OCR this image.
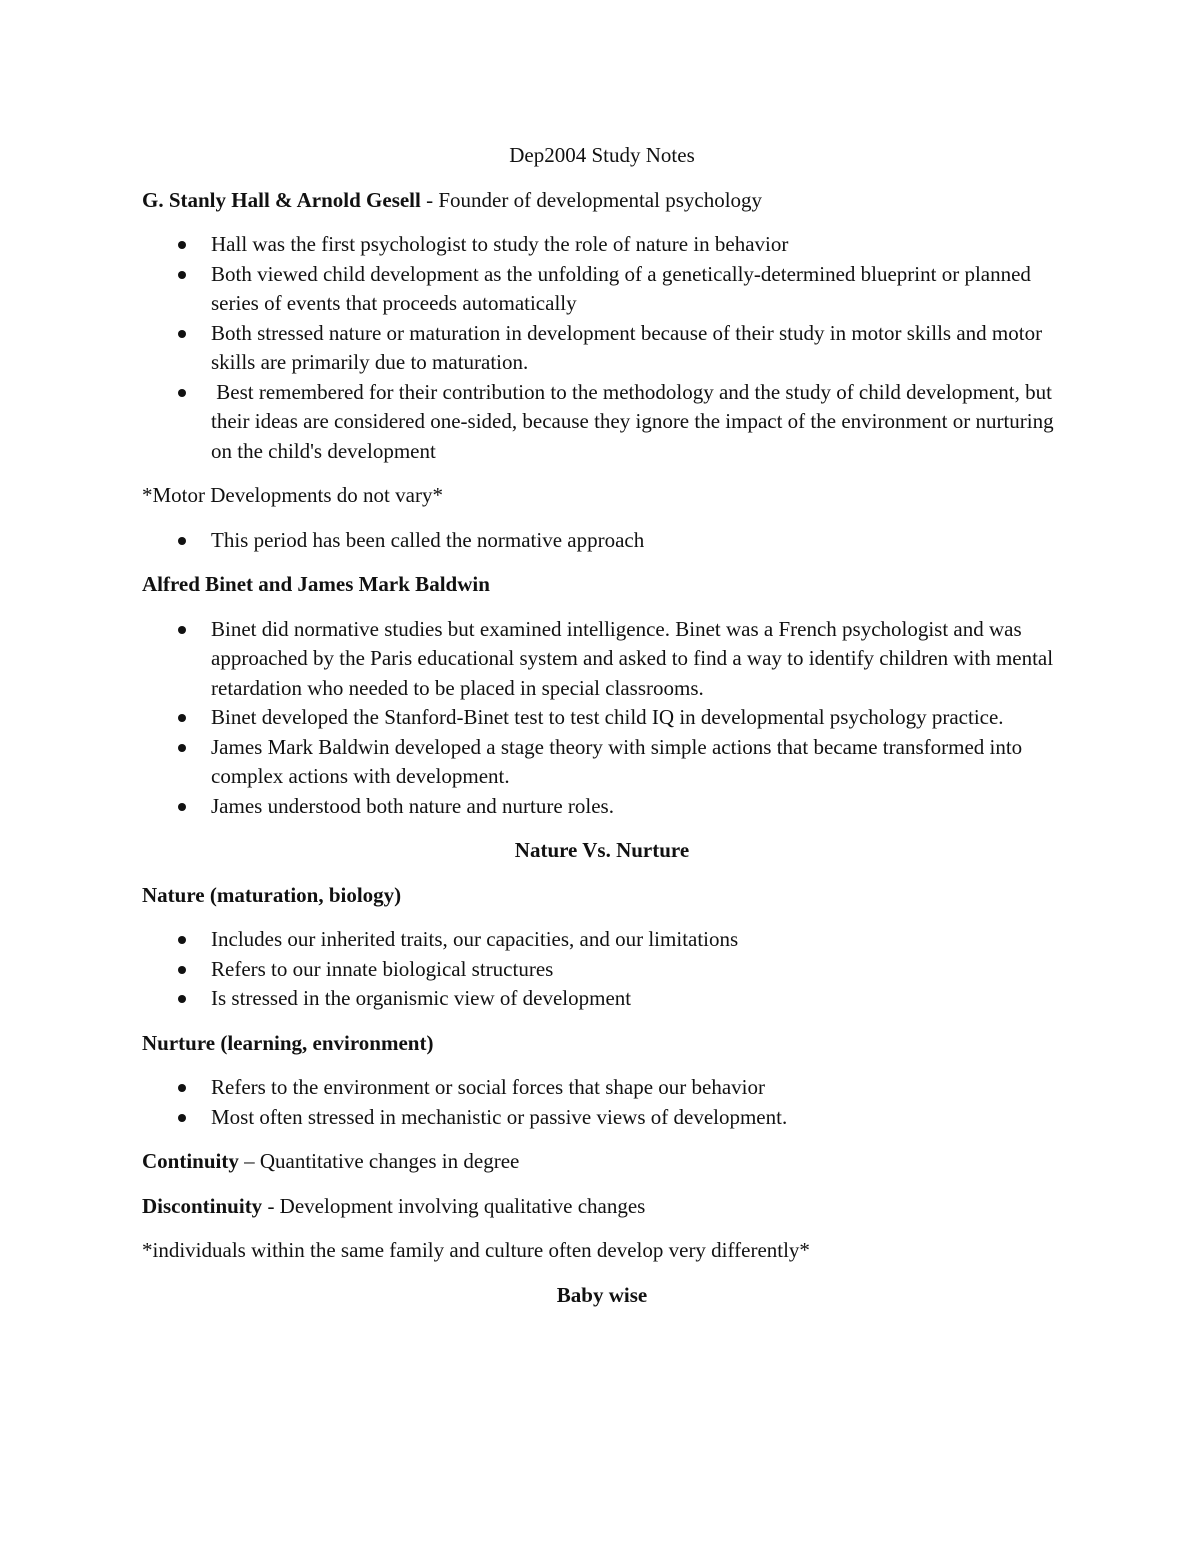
Dep2004 Study Notes
G. Stanly Hall & Arnold Gesell - Founder of developmental psychology
Hall was the first psychologist to study the role of nature in behavior
Both viewed child development as the unfolding of a genetically-determined blueprint or planned series of events that proceeds automatically
Both stressed nature or maturation in development because of their study in motor skills and motor skills are primarily due to maturation.
Best remembered for their contribution to the methodology and the study of child development, but their ideas are considered one-sided, because they ignore the impact of the environment or nurturing on the child's development
*Motor Developments do not vary*
This period has been called the normative approach
Alfred Binet and James Mark Baldwin
Binet did normative studies but examined intelligence. Binet was a French psychologist and was approached by the Paris educational system and asked to find a way to identify children with mental retardation who needed to be placed in special classrooms.
Binet developed the Stanford-Binet test to test child IQ in developmental psychology practice.
James Mark Baldwin developed a stage theory with simple actions that became transformed into complex actions with development.
James understood both nature and nurture roles.
Nature Vs. Nurture
Nature (maturation, biology)
Includes our inherited traits, our capacities, and our limitations
Refers to our innate biological structures
Is stressed in the organismic view of development
Nurture (learning, environment)
Refers to the environment or social forces that shape our behavior
Most often stressed in mechanistic or passive views of development.
Continuity – Quantitative changes in degree
Discontinuity - Development involving qualitative changes
*individuals within the same family and culture often develop very differently*
Baby wise
